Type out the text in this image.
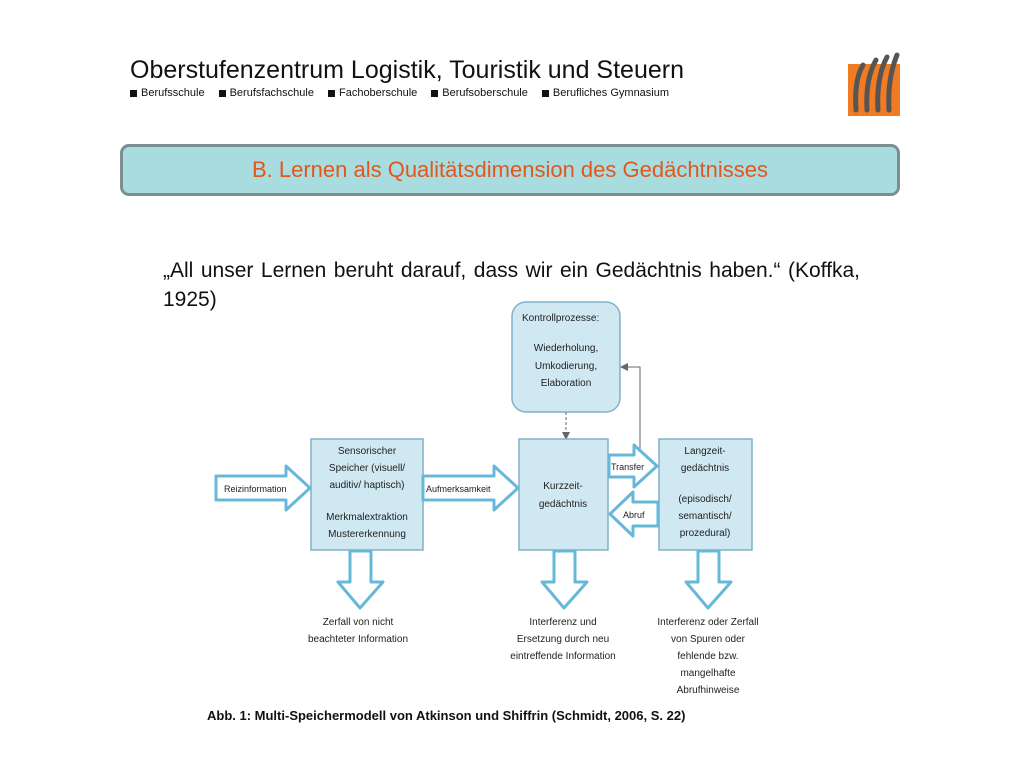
Oberstufenzentrum Logistik, Touristik und Steuern
Berufsschule Berufsfachschule Fachoberschule Berufsoberschule Berufliches Gymnasium
B. Lernen als Qualitätsdimension des Gedächtnisses
„All unser Lernen beruht darauf, dass wir ein Gedächtnis haben.“ (Koffka, 1925)
Kontrollprozesse:
Wiederholung,
Umkodierung,
Elaboration
Sensorischer
Speicher (visuell/
auditiv/ haptisch)
Merkmalextraktion
Mustererkennung
Kurzzeit-
gedächtnis
Langzeit-
gedächtnis
(episodisch/
semantisch/
prozedural)
Reizinformation	Aufmerksamkeit
Transfer
Abruf
Zerfall von nicht
beachteter Information
Interferenz und
Ersetzung durch neu
eintreffende Information
Interferenz oder Zerfall
von Spuren oder
fehlende bzw.
mangelhafte
Abrufhinweise
Abb. 1: Multi-Speichermodell von Atkinson und Shiffrin (Schmidt, 2006, S. 22)
